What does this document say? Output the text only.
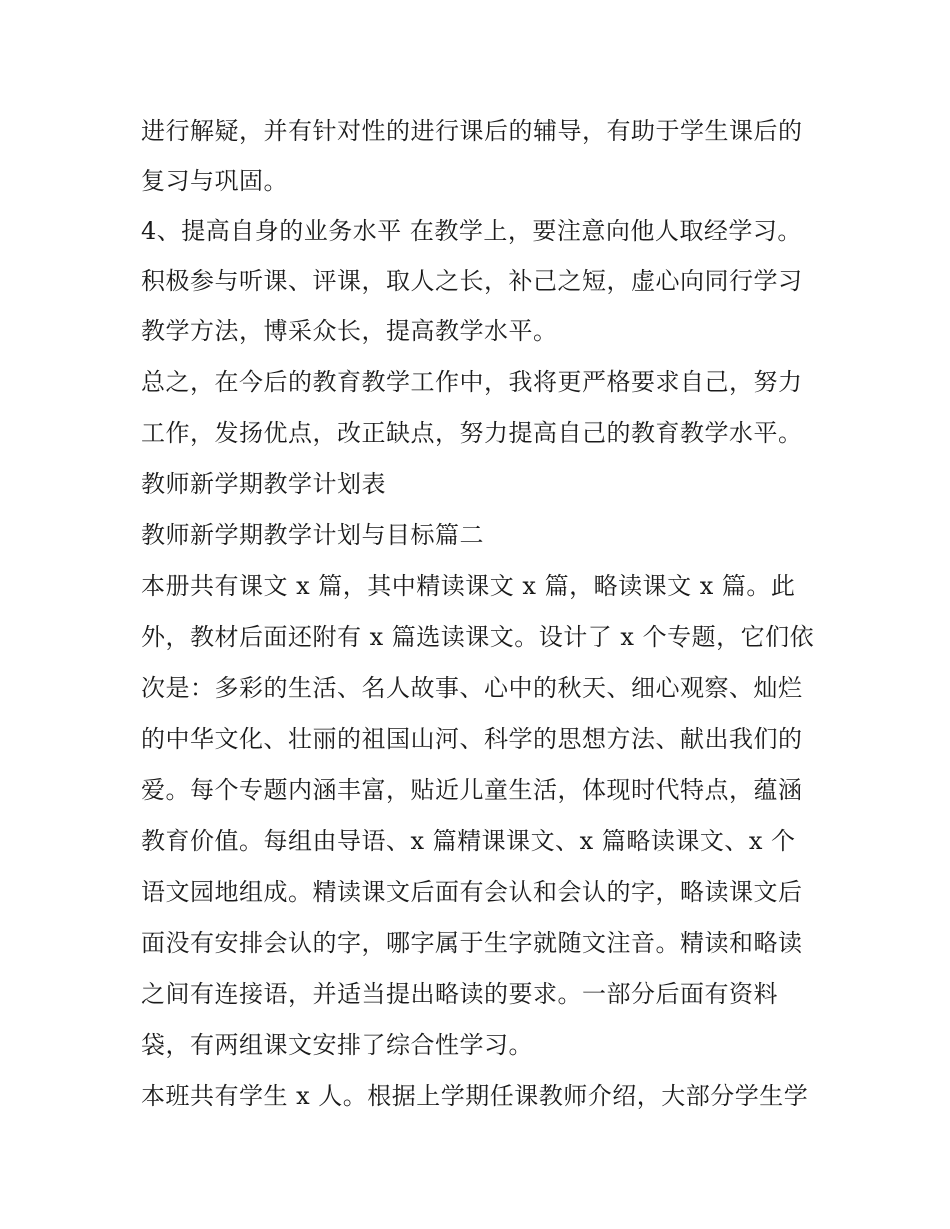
进行解疑，并有针对性的进行课后的辅导，有助于学生课后的
复习与巩固。
4、提高自身的业务水平 在教学上，要注意向他人取经学习。
积极参与听课、评课，取人之长，补己之短，虚心向同行学习
教学方法，博采众长，提高教学水平。
总之，在今后的教育教学工作中，我将更严格要求自己，努力
工作，发扬优点，改正缺点，努力提高自己的教育教学水平。
教师新学期教学计划表
教师新学期教学计划与目标篇二
本册共有课文 x 篇，其中精读课文 x 篇，略读课文 x 篇。此
外，教材后面还附有 x 篇选读课文。设计了 x 个专题，它们依
次是：多彩的生活、名人故事、心中的秋天、细心观察、灿烂
的中华文化、壮丽的祖国山河、科学的思想方法、献出我们的
爱。每个专题内涵丰富，贴近儿童生活，体现时代特点，蕴涵
教育价值。每组由导语、x 篇精课课文、x 篇略读课文、x 个
语文园地组成。精读课文后面有会认和会认的字，略读课文后
面没有安排会认的字，哪字属于生字就随文注音。精读和略读
之间有连接语，并适当提出略读的要求。一部分后面有资料
袋，有两组课文安排了综合性学习。
本班共有学生 x 人。根据上学期任课教师介绍，大部分学生学
